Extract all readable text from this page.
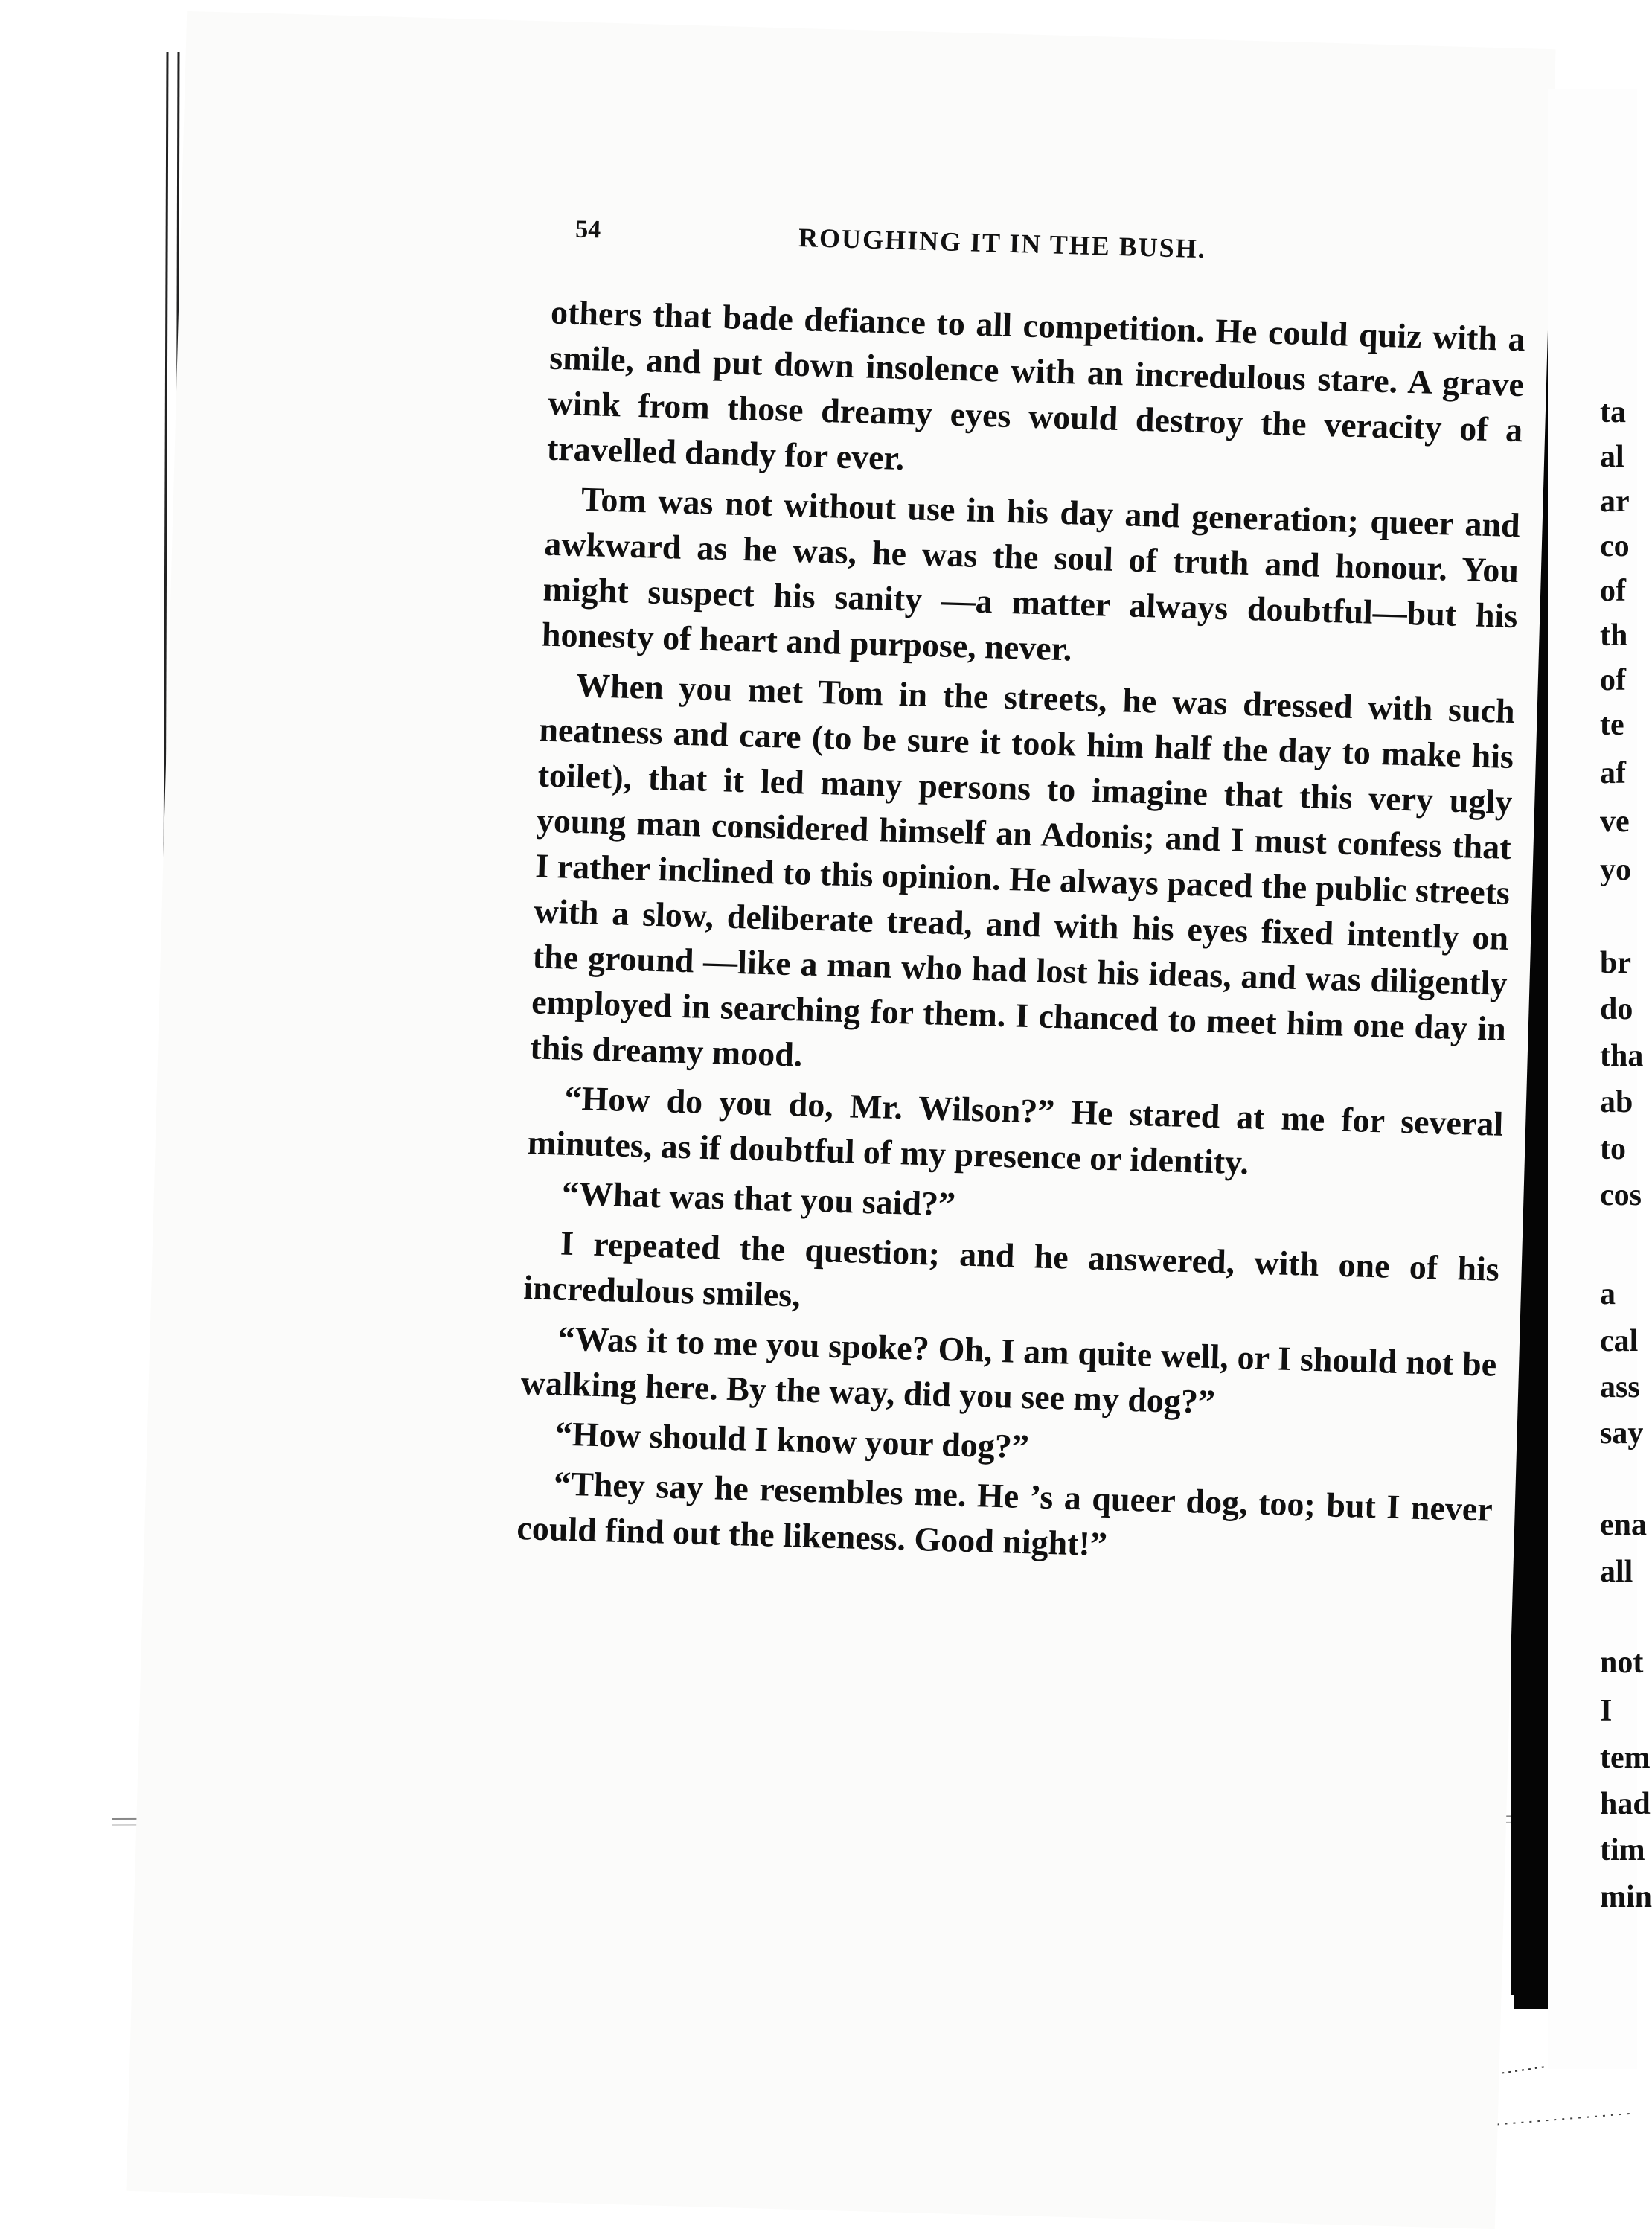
54	ROUGHING IT IN THE BUSH.

others that bade defiance to all competition. He could quiz with a smile, and put down insolence with an incredulous stare. A grave wink from those dreamy eyes would destroy the veracity of a travelled dandy for ever.

Tom was not without use in his day and generation; queer and awkward as he was, he was the soul of truth and honour. You might suspect his sanity —a matter always doubtful—but his honesty of heart and purpose, never.

When you met Tom in the streets, he was dressed with such neatness and care (to be sure it took him half the day to make his toilet), that it led many persons to imagine that this very ugly young man considered himself an Adonis; and I must confess that I rather inclined to this opinion. He always paced the public streets with a slow, deliberate tread, and with his eyes fixed intently on the ground —like a man who had lost his ideas, and was diligently employed in searching for them. I chanced to meet him one day in this dreamy mood.

“How do you do, Mr. Wilson?” He stared at me for several minutes, as if doubtful of my presence or identity.

“What was that you said?”

I repeated the question; and he answered, with one of his incredulous smiles,

“Was it to me you spoke? Oh, I am quite well, or I should not be walking here. By the way, did you see my dog?”

“How should I know your dog?”

“They say he resembles me. He ’s a queer dog, too; but I never could find out the likeness. Good night!”

ta
al
ar
co
of
th
of
te
af
ve
yo
br
do
tha
ab
to
cos
a
cal
ass
say
ena
all
not
I
tem
had
tim
min
